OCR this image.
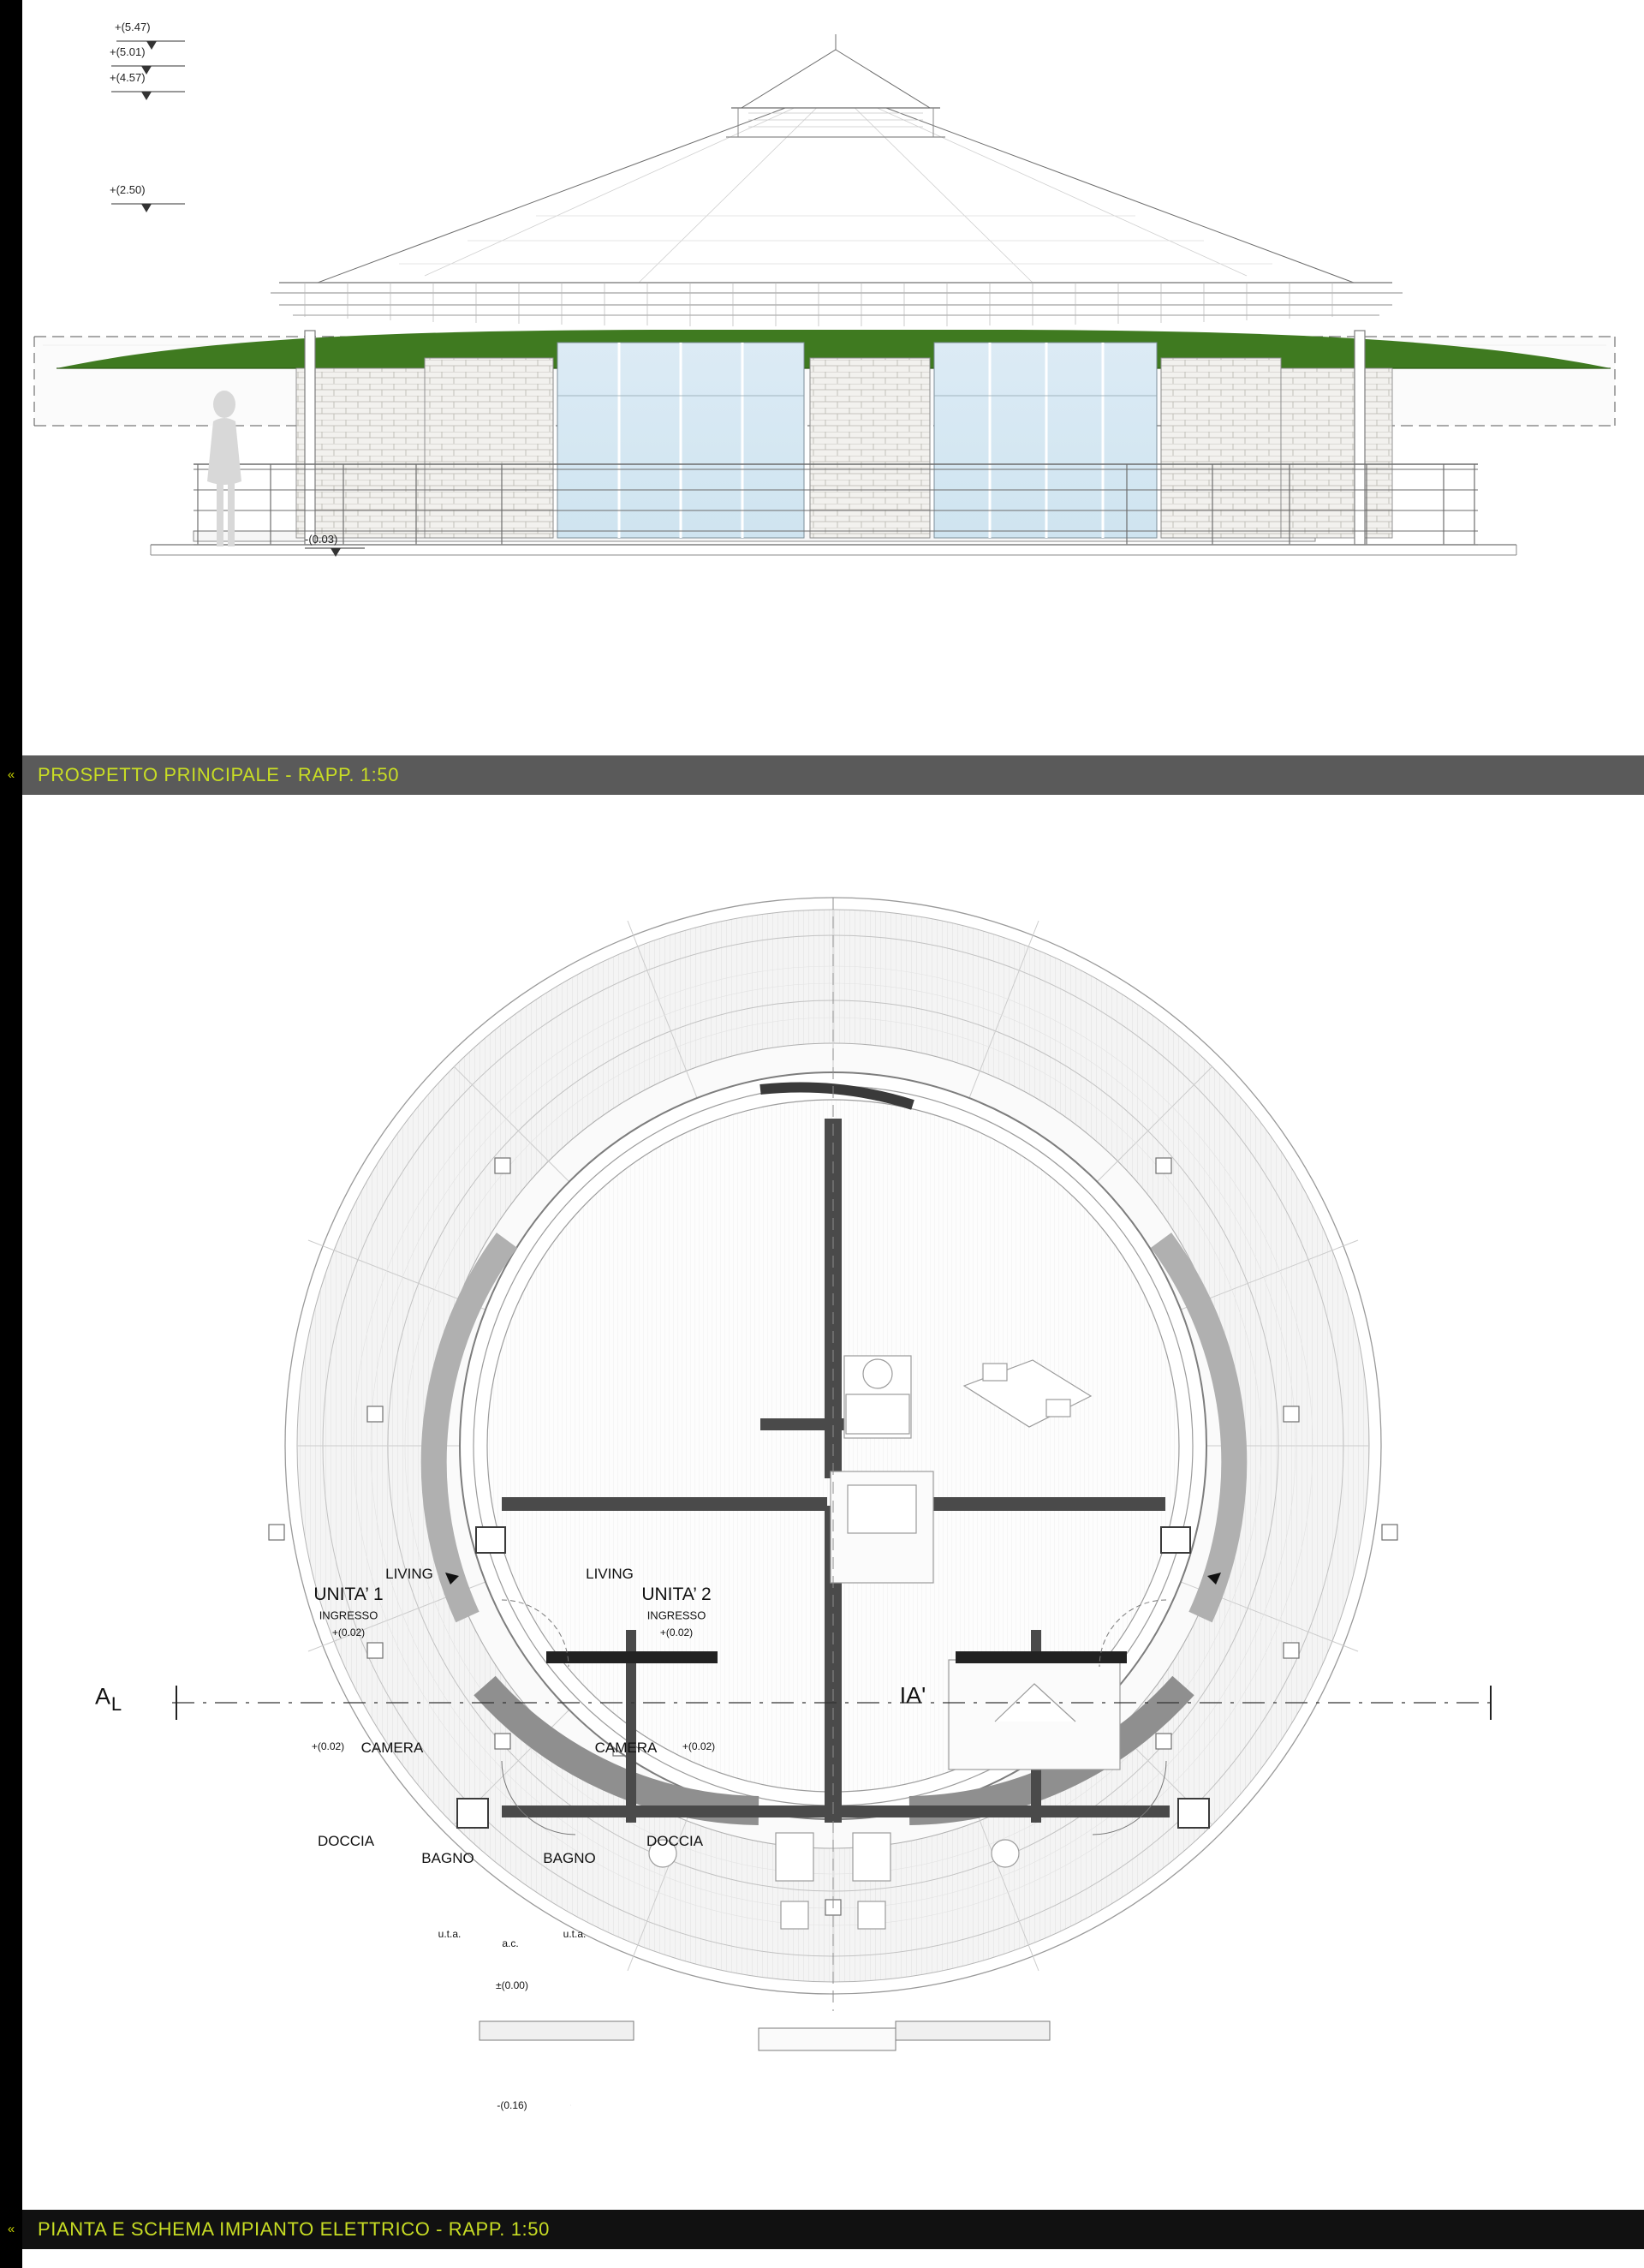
+(5.47)
+(5.01)
+(4.57)
+(2.50)
-(0.03)
«	PROSPETTO PRINCIPALE - RAPP. 1:50
A L	IA'
UNITA’ 1
INGRESSO
+(0.02)
UNITA’ 2
INGRESSO
+(0.02)
LIVING	LIVING
CAMERA	CAMERA
DOCCIA	DOCCIA
BAGNO	BAGNO
+(0.02)	+(0.02)
±(0.00)
-(0.16)
u.t.a.
a.c.
u.t.a.
«	PIANTA E SCHEMA IMPIANTO ELETTRICO - RAPP. 1:50
